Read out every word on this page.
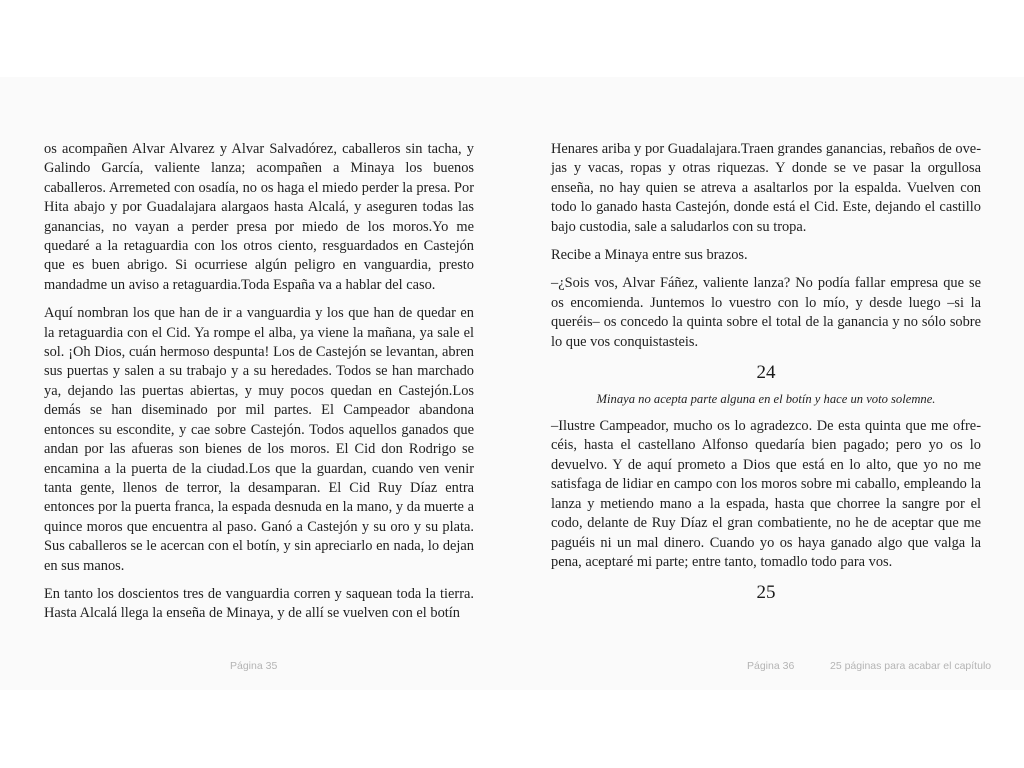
os acompañen Alvar Alvarez y Alvar Salvadórez, caballeros sin tacha, y Galindo García, valiente lanza; acompañen a Minaya los buenos caballeros. Arremeted con osadía, no os haga el miedo perder la presa. Por Hita abajo y por Guadalajara alargaos hasta Alcalá, y aseguren todas las ganancias, no vayan a perder presa por miedo de los moros.Yo me quedaré a la retaguardia con los otros ciento, resguardados en Castejón que es buen abrigo. Si ocurriese algún peligro en vanguardia, presto mandadme un aviso a retaguardia.Toda España va a hablar del caso.

Aquí nombran los que han de ir a vanguardia y los que han de quedar en la retaguardia con el Cid. Ya rompe el alba, ya viene la mañana, ya sale el sol. ¡Oh Dios, cuán hermoso despunta! Los de Castejón se levantan, abren sus puertas y salen a su trabajo y a su heredades. Todos se han marchado ya, dejando las puertas abiertas, y muy pocos quedan en Castejón.Los demás se han diseminado por mil partes. El Campeador abandona entonces su escondite, y cae sobre Castejón. Todos aquellos ganados que andan por las afueras son bienes de los moros. El Cid don Rodrigo se encamina a la puerta de la ciudad.Los que la guardan, cuando ven venir tanta gente, llenos de terror, la desamparan. El Cid Ruy Díaz entra entonces por la puerta franca, la espada desnuda en la mano, y da muerte a quince moros que encuentra al paso. Ganó a Castejón y su oro y su plata. Sus caballeros se le acercan con el botín, y sin apreciarlo en nada, lo dejan en sus manos.

En tanto los doscientos tres de vanguardia corren y saquean toda la tierra. Hasta Alcalá llega la enseña de Minaya, y de allí se vuelven con el botín

Henares ariba y por Guadalajara.Traen grandes ganancias, rebaños de ovejas y vacas, ropas y otras riquezas. Y donde se ve pasar la orgullosa enseña, no hay quien se atreva a asaltarlos por la espalda. Vuelven con todo lo ganado hasta Castejón, donde está el Cid. Este, dejando el castillo bajo custodia, sale a saludarlos con su tropa.

Recibe a Minaya entre sus brazos.

–¿Sois vos, Alvar Fáñez, valiente lanza? No podía fallar empresa que se os encomienda. Juntemos lo vuestro con lo mío, y desde luego –si la queréis– os concedo la quinta sobre el total de la ganancia y no sólo sobre lo que vos conquistasteis.

24
Minaya no acepta parte alguna en el botín y hace un voto solemne.

–Ilustre Campeador, mucho os lo agradezco. De esta quinta que me ofrecéis, hasta el castellano Alfonso quedaría bien pagado; pero yo os lo devuelvo. Y de aquí prometo a Dios que está en lo alto, que yo no me satisfaga de lidiar en campo con los moros sobre mi caballo, empleando la lanza y metiendo mano a la espada, hasta que chorree la sangre por el codo, delante de Ruy Díaz el gran combatiente, no he de aceptar que me paguéis ni un mal dinero. Cuando yo os haya ganado algo que valga la pena, aceptaré mi parte; entre tanto, tomadlo todo para vos.

25
Página 35	Página 36	25 páginas para acabar el capítulo
